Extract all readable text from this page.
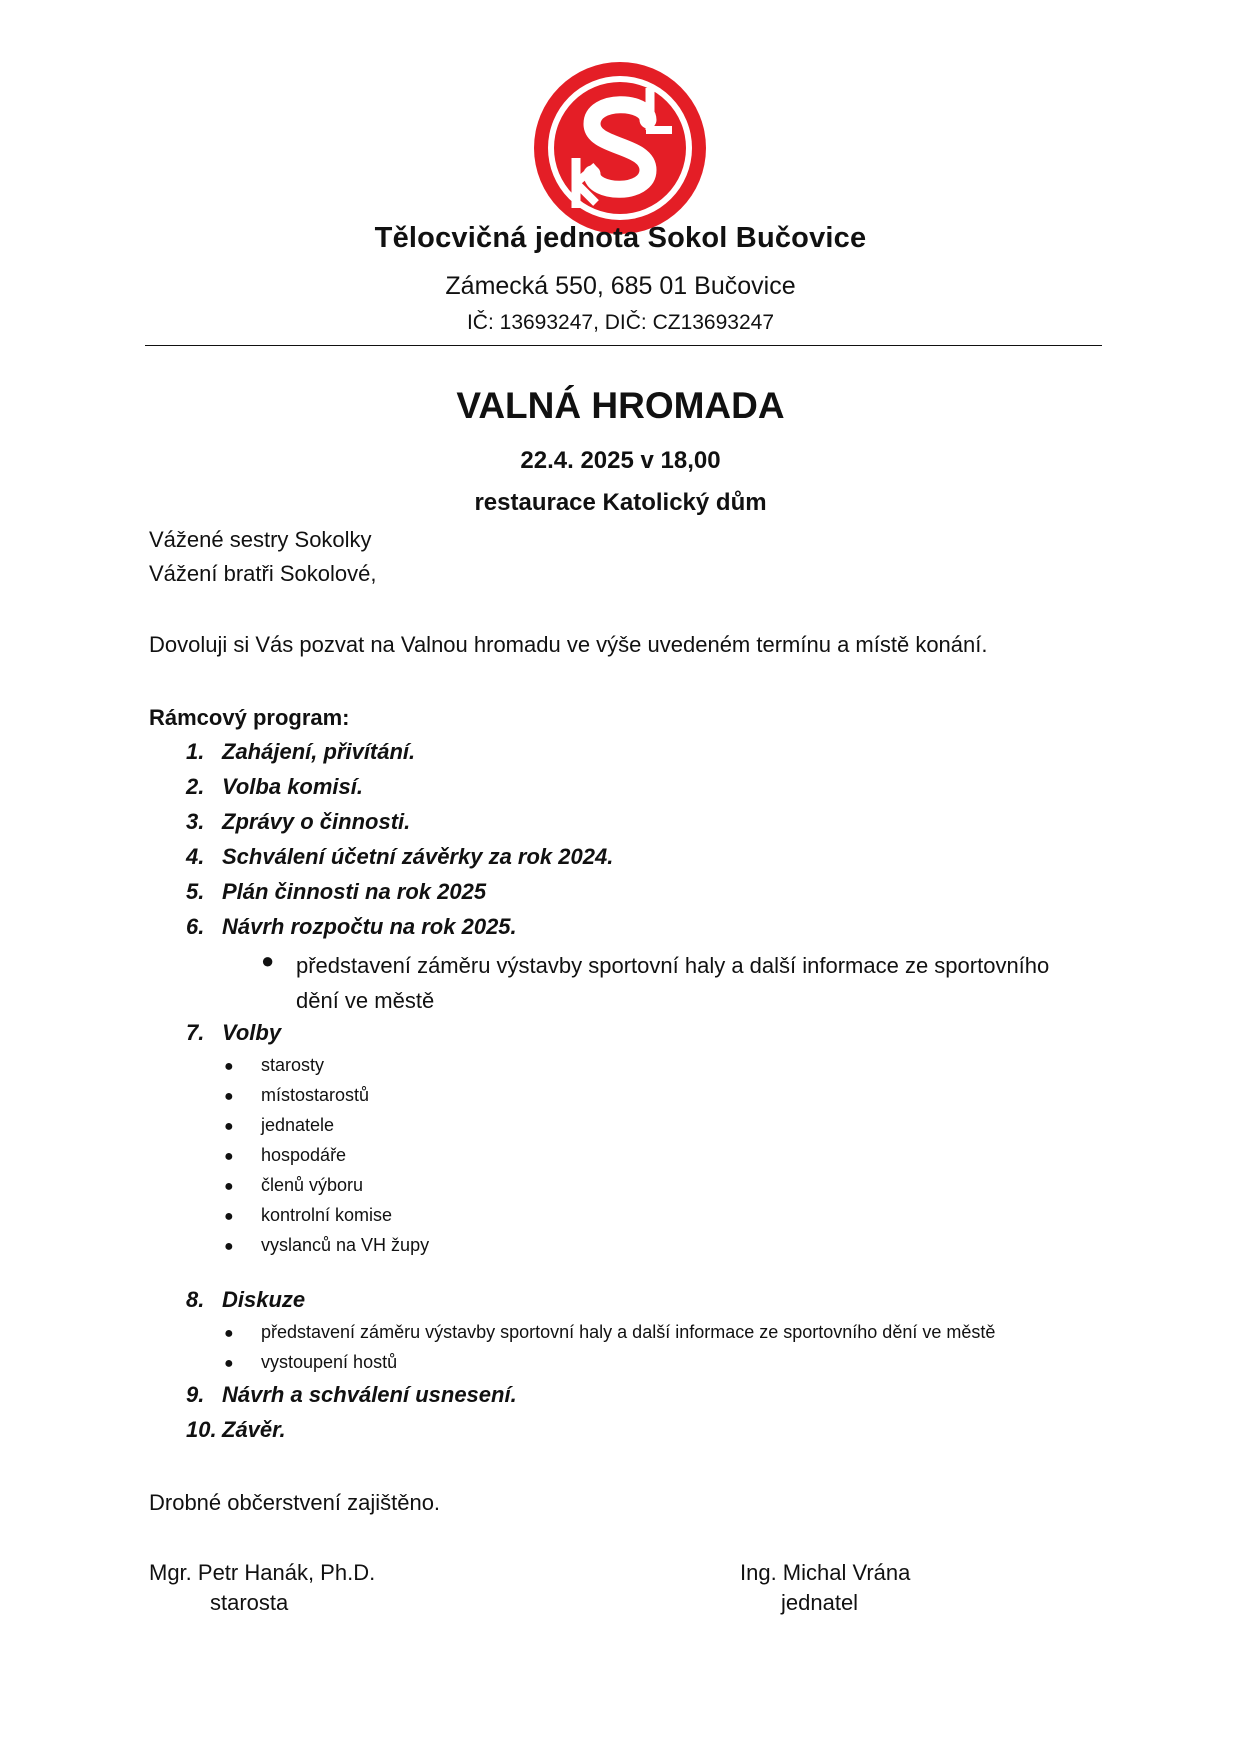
Tělocvičná jednota Sokol Bučovice
Zámecká 550, 685 01 Bučovice
IČ: 13693247, DIČ: CZ13693247
VALNÁ HROMADA
22.4. 2025 v 18,00
restaurace Katolický dům
Vážené sestry Sokolky
Vážení bratři Sokolové,
Dovoluji si Vás pozvat na Valnou hromadu ve výše uvedeném termínu a místě konání.
Rámcový program:
1. Zahájení, přivítání.
2. Volba komisí.
3. Zprávy o činnosti.
4. Schválení účetní závěrky za rok 2024.
5. Plán činnosti na rok 2025
6. Návrh rozpočtu na rok 2025.
● představení záměru výstavby sportovní haly a další informace ze sportovního dění ve městě
7. Volby
● starosty
● místostarostů
● jednatele
● hospodáře
● členů výboru
● kontrolní komise
● vyslanců na VH župy
8. Diskuze
● představení záměru výstavby sportovní haly a další informace ze sportovního dění ve městě
● vystoupení hostů
9. Návrh a schválení usnesení.
10. Závěr.
Drobné občerstvení zajištěno.
Mgr. Petr Hanák, Ph.D.
starosta
Ing. Michal Vrána
jednatel
